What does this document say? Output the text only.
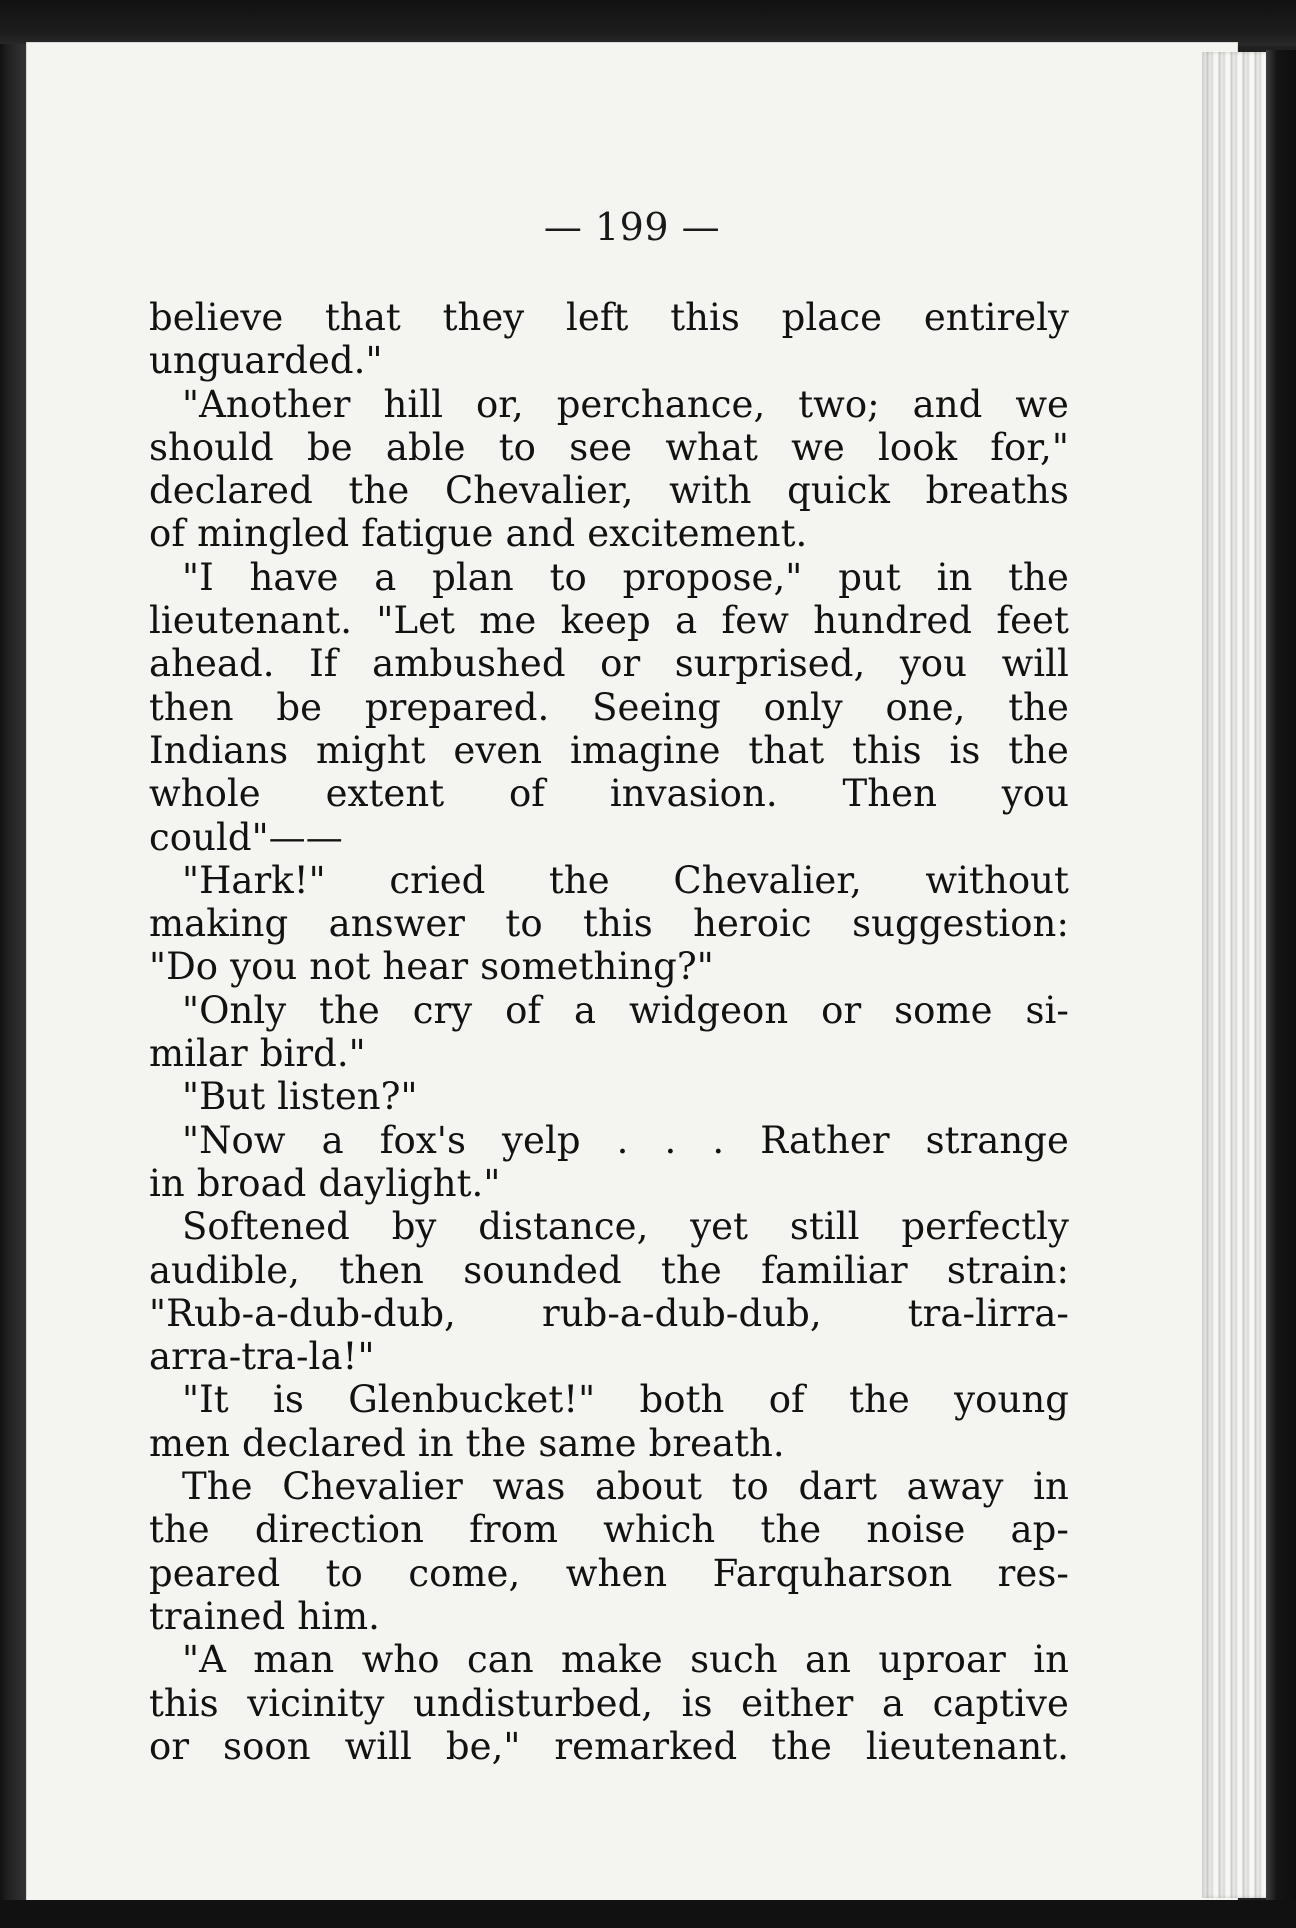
— 199 —
believe that they left this place entirely
unguarded."
"Another hill or, perchance, two; and we
should be able to see what we look for,"
declared the Chevalier, with quick breaths
of mingled fatigue and excitement.
"I have a plan to propose," put in the
lieutenant. "Let me keep a few hundred feet
ahead. If ambushed or surprised, you will
then be prepared. Seeing only one, the
Indians might even imagine that this is the
whole extent of invasion. Then you
could"——
"Hark!" cried the Chevalier, without
making answer to this heroic suggestion:
"Do you not hear something?"
"Only the cry of a widgeon or some si-
milar bird."
"But listen?"
"Now a fox's yelp . . . Rather strange
in broad daylight."
Softened by distance, yet still perfectly
audible, then sounded the familiar strain:
"Rub-a-dub-dub, rub-a-dub-dub, tra-lirra-
arra-tra-la!"
"It is Glenbucket!" both of the young
men declared in the same breath.
The Chevalier was about to dart away in
the direction from which the noise ap-
peared to come, when Farquharson res-
trained him.
"A man who can make such an uproar in
this vicinity undisturbed, is either a captive
or soon will be," remarked the lieutenant.
